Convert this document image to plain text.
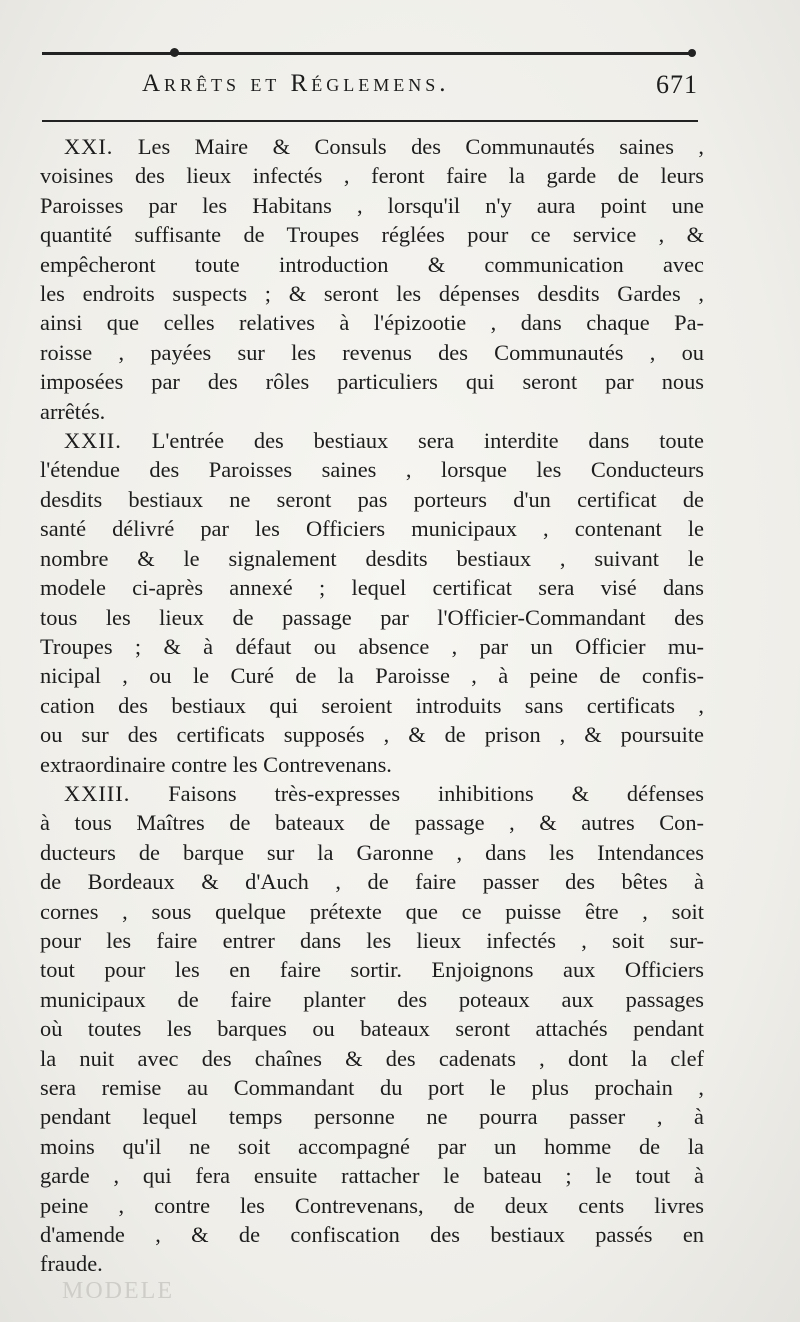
Arrêts et Réglemens.	671
XXI. Les Maire & Consuls des Communautés saines ,
voisines des lieux infectés , feront faire la garde de leurs
Paroisses par les Habitans , lorsqu'il n'y aura point une
quantité suffisante de Troupes réglées pour ce service , &
empêcheront toute introduction & communication avec
les endroits suspects ; & seront les dépenses desdits Gardes ,
ainsi que celles relatives à l'épizootie , dans chaque Pa-
roisse , payées sur les revenus des Communautés , ou
imposées par des rôles particuliers qui seront par nous
arrêtés.
XXII. L'entrée des bestiaux sera interdite dans toute
l'étendue des Paroisses saines , lorsque les Conducteurs
desdits bestiaux ne seront pas porteurs d'un certificat de
santé délivré par les Officiers municipaux , contenant le
nombre & le signalement desdits bestiaux , suivant le
modele ci-après annexé ; lequel certificat sera visé dans
tous les lieux de passage par l'Officier-Commandant des
Troupes ; & à défaut ou absence , par un Officier mu-
nicipal , ou le Curé de la Paroisse , à peine de confis-
cation des bestiaux qui seroient introduits sans certificats ,
ou sur des certificats supposés , & de prison , & poursuite
extraordinaire contre les Contrevenans.
XXIII. Faisons très-expresses inhibitions & défenses
à tous Maîtres de bateaux de passage , & autres Con-
ducteurs de barque sur la Garonne , dans les Intendances
de Bordeaux & d'Auch , de faire passer des bêtes à
cornes , sous quelque prétexte que ce puisse être , soit
pour les faire entrer dans les lieux infectés , soit sur-
tout pour les en faire sortir. Enjoignons aux Officiers
municipaux de faire planter des poteaux aux passages
où toutes les barques ou bateaux seront attachés pendant
la nuit avec des chaînes & des cadenats , dont la clef
sera remise au Commandant du port le plus prochain ,
pendant lequel temps personne ne pourra passer , à
moins qu'il ne soit accompagné par un homme de la
garde , qui fera ensuite rattacher le bateau ; le tout à
peine , contre les Contrevenans, de deux cents livres
d'amende , & de confiscation des bestiaux passés en
fraude.
MODELE
